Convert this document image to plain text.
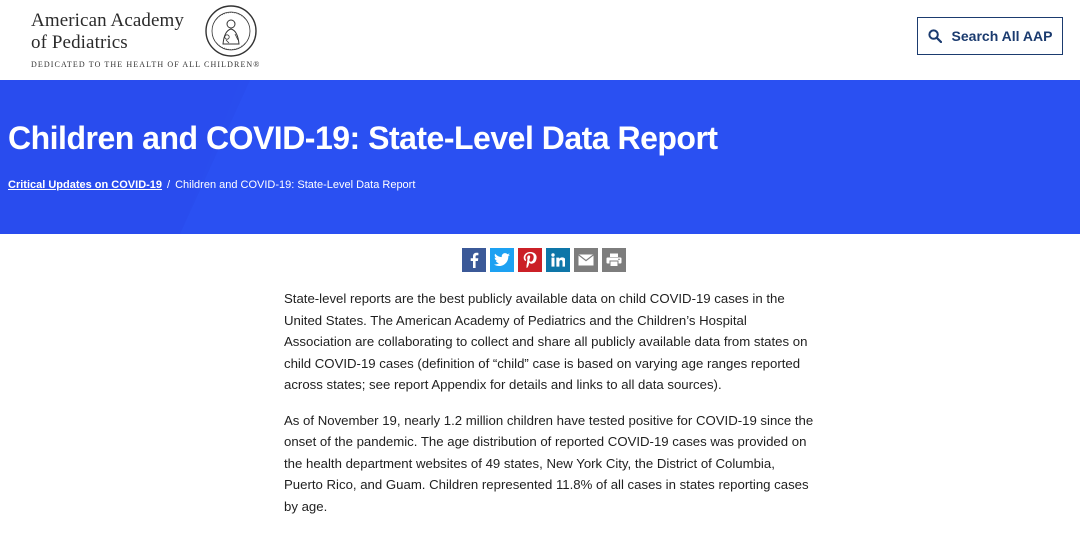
American Academy
of Pediatrics
DEDICATED TO THE HEALTH OF ALL CHILDREN®
Search All AAP
Children and COVID-19: State-Level Data Report
Critical Updates on COVID-19 / Children and COVID-19: State-Level Data Report

State-level reports are the best publicly available data on child COVID-19 cases in the United States. The American Academy of Pediatrics and the Children’s Hospital Association are collaborating to collect and share all publicly available data from states on child COVID-19 cases (definition of “child” case is based on varying age ranges reported across states; see report Appendix for details and links to all data sources).

As of November 19, nearly 1.2 million children have tested positive for COVID-19 since the onset of the pandemic. The age distribution of reported COVID-19 cases was provided on the health department websites of 49 states, New York City, the District of Columbia, Puerto Rico, and Guam. Children represented 11.8% of all cases in states reporting cases by age.
